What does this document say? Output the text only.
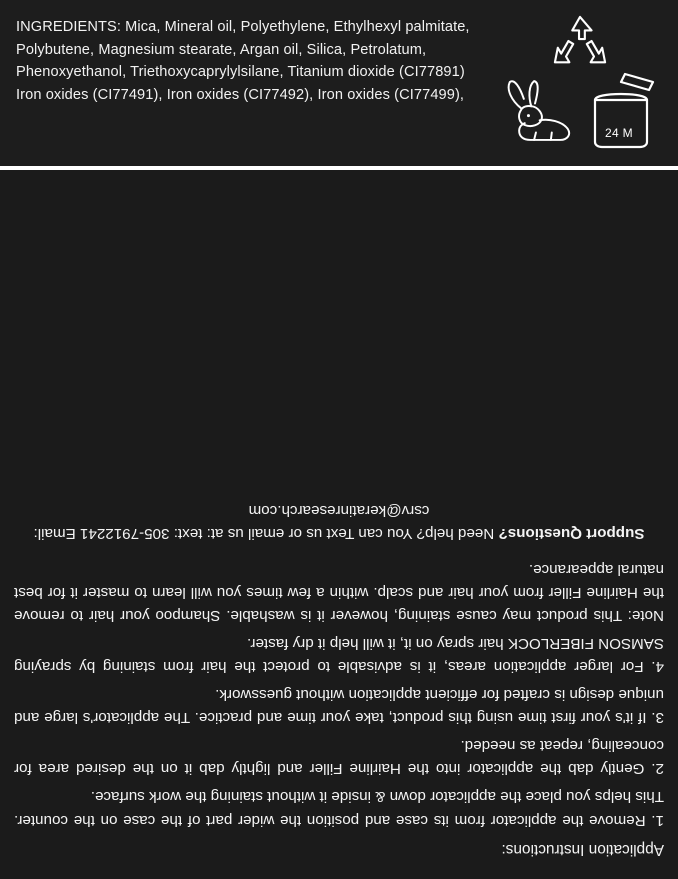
INGREDIENTS: Mica, Mineral oil, Polyethylene, Ethylhexyl palmitate, Polybutene, Magnesium stearate, Argan oil, Silica, Petrolatum, Phenoxyethanol, Triethoxycaprylylsilane, Titanium dioxide (CI77891) Iron oxides (CI77491), Iron oxides (CI77492), Iron oxides (CI77499),
24 M
Application Instructions:
1. Remove the applicator from its case and position the wider part of the case on the counter. This helps you place the applicator down & inside it without staining the work surface.
2. Gently dab the applicator into the Hairline Filler and lightly dab it on the desired area for concealing, repeat as needed.
3. If it's your first time using this product, take your time and practice. The applicator's large and unique design is crafted for efficient application without guesswork.
4. For larger application areas, it is advisable to protect the hair from staining by spraying SAMSON FIBERLOCK hair spray on it, it will help it dry faster.
Note: This product may cause staining, however it is washable. Shampoo your hair to remove the Hairline Filler from your hair and scalp. within a few times you will learn to master it for best natural appearance.
Support Questions? Need help? You can Text us or email us at: text: 305-7912241 Email: csrv@keratinresearch.com
